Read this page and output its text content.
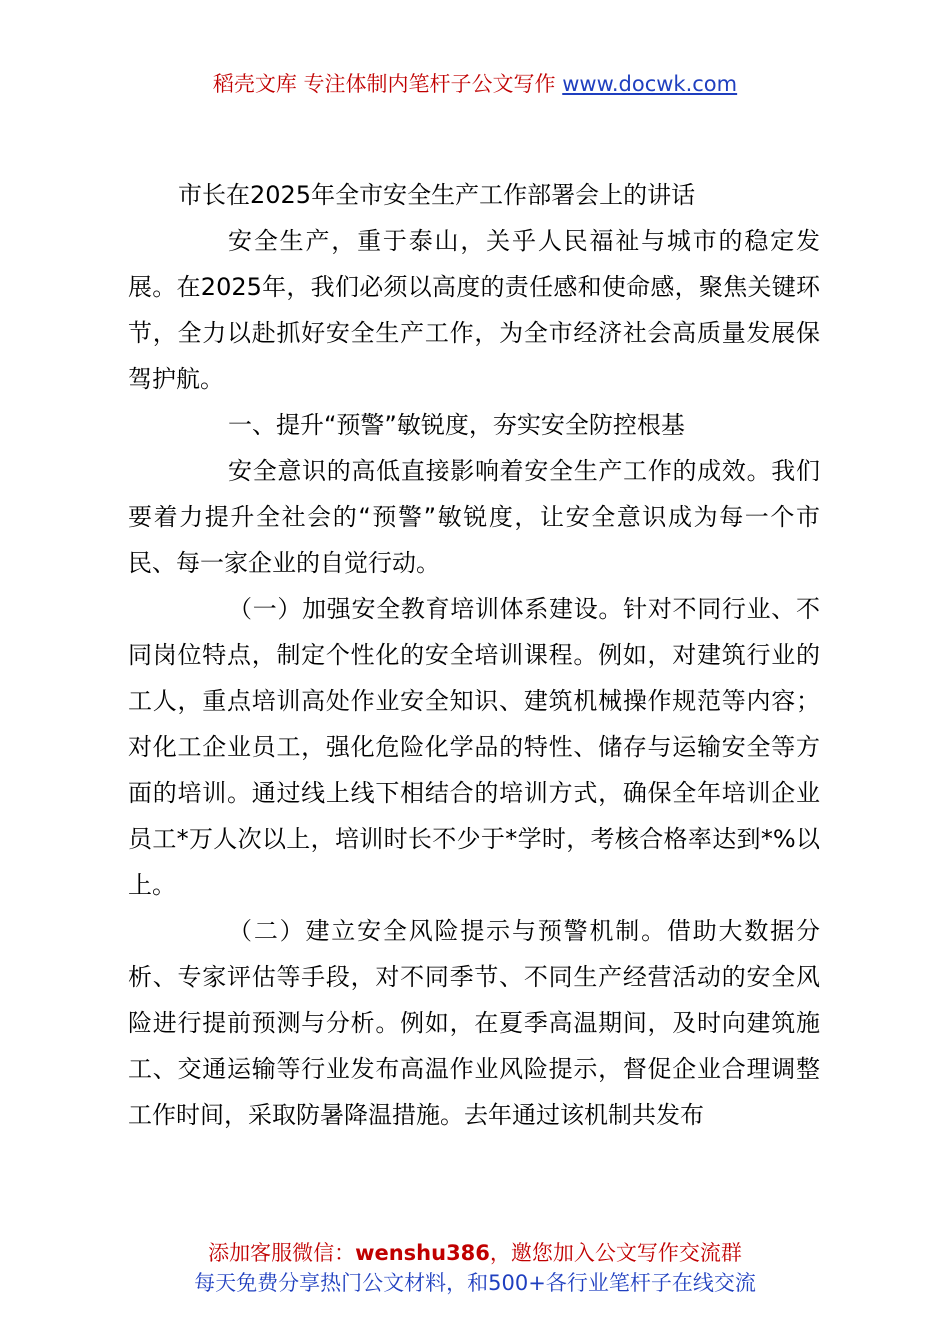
稻壳文库 专注体制内笔杆子公文写作 www.docwk.com

市长在2025年全市安全生产工作部署会上的讲话

安全生产，重于泰山，关乎人民福祉与城市的稳定发展。在2025年，我们必须以高度的责任感和使命感，聚焦关键环节，全力以赴抓好安全生产工作，为全市经济社会高质量发展保驾护航。

一、提升“预警”敏锐度，夯实安全防控根基

安全意识的高低直接影响着安全生产工作的成效。我们要着力提升全社会的“预警”敏锐度，让安全意识成为每一个市民、每一家企业的自觉行动。

（一）加强安全教育培训体系建设。针对不同行业、不同岗位特点，制定个性化的安全培训课程。例如，对建筑行业的工人，重点培训高处作业安全知识、建筑机械操作规范等内容；对化工企业员工，强化危险化学品的特性、储存与运输安全等方面的培训。通过线上线下相结合的培训方式，确保全年培训企业员工*万人次以上，培训时长不少于*学时，考核合格率达到*%以上。

（二）建立安全风险提示与预警机制。借助大数据分析、专家评估等手段，对不同季节、不同生产经营活动的安全风险进行提前预测与分析。例如，在夏季高温期间，及时向建筑施工、交通运输等行业发布高温作业风险提示，督促企业合理调整工作时间，采取防暑降温措施。去年通过该机制共发布

添加客服微信：wenshu386，邀您加入公文写作交流群
每天免费分享热门公文材料，和500+各行业笔杆子在线交流
